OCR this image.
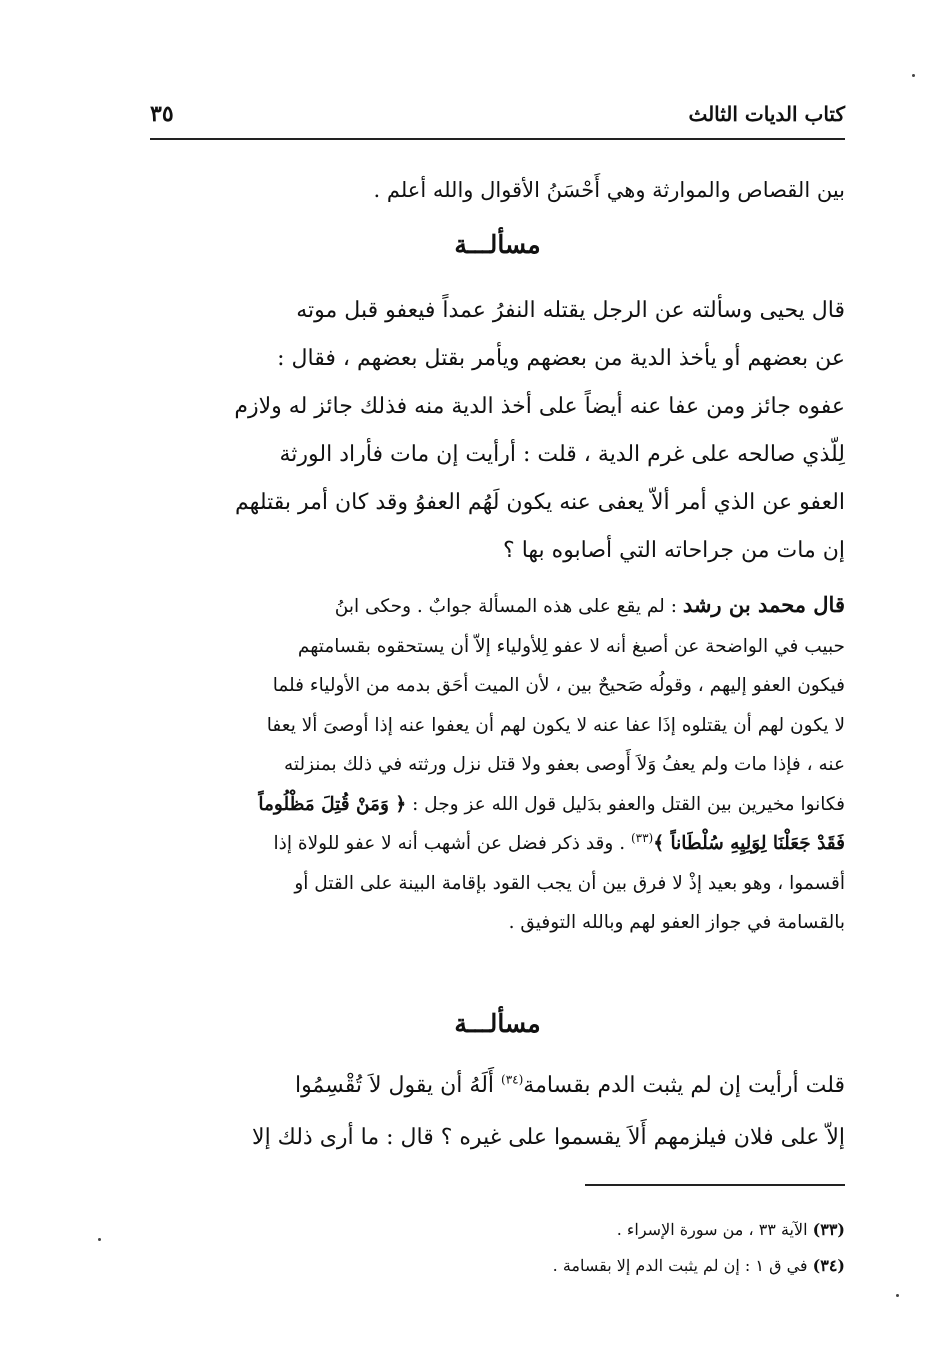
كتاب الديات الثالث
٣٥
بين القصاص والموارثة وهي أَحْسَنُ الأقوال والله أعلم .
مسألـــة
قال يحيى وسألته عن الرجل يقتله النفرُ عمداً فيعفو قبل موته
عن بعضهم أو يأخذ الدية من بعضهم ويأمر بقتل بعضهم ، فقال :
عفوه جائز ومن عفا عنه أيضاً على أخذ الدية منه فذلك جائز له ولازم
لِلّذي صالحه على غرم الدية ، قلت : أرأيت إن مات فأراد الورثة
العفو عن الذي أمر ألاّ يعفى عنه يكون لَهُم العفوُ وقد كان أمر بقتلهم
إن مات من جراحاته التي أصابوه بها ؟
قال محمد بن رشد : لم يقع على هذه المسألة جوابٌ . وحكى ابنُ
حبيب في الواضحة عن أصبغ أنه لا عفو لِلأولياء إلاّ أن يستحقوه بقسامتهم
فيكون العفو إليهم ، وقولُه صَحيحٌ بين ، لأن الميت أحَق بدمه من الأولياء فلما
لا يكون لهم أن يقتلوه إذَا عفا عنه لا يكون لهم أن يعفوا عنه إذا أوصىَ ألا يعفا
عنه ، فإذا مات ولم يعفُ وَلاَ أَوصى بعفو ولا قتل نزل ورثته في ذلك بمنزلته
فكانوا مخيرين بين القتل والعفو بدَليل قول الله عز وجل : ﴿ وَمَنْ قُتِلَ مَظْلُوماً
فَقَدْ جَعَلْنَا لِوَلِيِهِ سُلْطَاناً ﴾$^{(٣٣)}$ . وقد ذكر فضل عن أشهب أنه لا عفو للولاة إذا
أقسموا ، وهو بعيد إذْ لا فرق بين أن يجب القود بإقامة البينة على القتل أو
بالقسامة في جواز العفو لهم وبالله التوفيق .
مسألـــة
قلت أرأيت إن لم يثبت الدم بقسامة$^{(٣٤)}$ أَلَهُ أن يقول لاَ تُقْسِمُوا
إلاّ على فلان فيلزمهم أَلاَ يقسموا على غيره ؟ قال : ما أرى ذلك إلا
(٣٣) الآية ٣٣ ، من سورة الإسراء .
(٣٤) في ق ١ : إن لم يثبت الدم إلا بقسامة .
